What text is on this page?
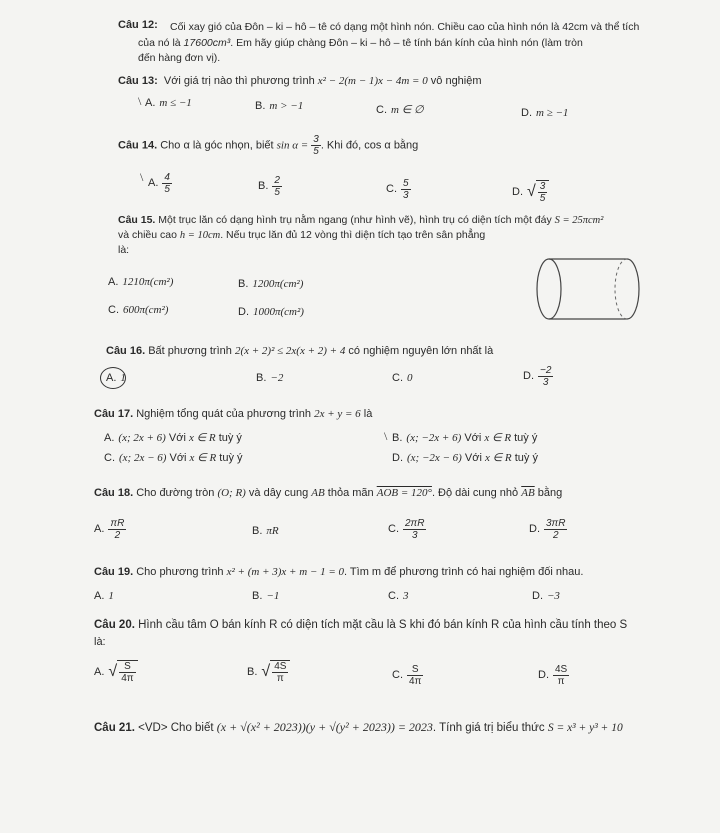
Câu 12: Cối xay gió của Đôn – ki – hô – tê có dạng một hình nón. Chiều cao của hình nón là 42cm và thể tích
của nó là 17600cm³. Em hãy giúp chàng Đôn – ki – hô – tê tính bán kính của hình nón (làm tròn
đến hàng đơn vị).
Câu 13: Với giá trị nào thì phương trình x² − 2(m − 1)x − 4m = 0 vô nghiệm
\ A. m ≤ −1	B. m > −1	C. m ∈ ∅	D. m ≥ −1
Câu 14. Cho α là góc nhọn, biết $\sin \alpha = \frac{3}{5}$ . Khi đó, cos α bằng
\ A. $\frac{4}{5}$	B. $\frac{2}{5}$	C. $\frac{5}{3}$	D. √ $\frac{3}{5}$
Câu 15. Một trục lăn có dạng hình trụ nằm ngang (như hình vẽ), hình trụ có diện tích một đáy S = 25πcm²
và chiều cao h = 10cm. Nếu trục lăn đủ 12 vòng thì diện tích tạo trên sân phẳng
là:
A. 1210π(cm²)	B. 1200π(cm²)
C. 600π(cm²)	D. 1000π(cm²)
Câu 16. Bất phương trình 2(x + 2)² ≤ 2x(x + 2) + 4 có nghiệm nguyên lớn nhất là
A. 1	B. −2	C. 0	D. $\frac{-2}{3}$
Câu 17. Nghiệm tổng quát của phương trình 2x + y = 6 là
A. (x; 2x + 6) Với x ∈ R tuỳ ý	\ B. (x; −2x + 6) Với x ∈ R tuỳ ý
C. (x; 2x − 6) Với x ∈ R tuỳ ý	D. (x; −2x − 6) Với x ∈ R tuỳ ý
Câu 18. Cho đường tròn (O; R) và dây cung AB thỏa mãn AOB = 120°. Độ dài cung nhỏ $\overline{AB}$ bằng
A. $\frac{\pi R}{2}$	B. πR	C. $\frac{2\pi R}{3}$	D. $\frac{3\pi R}{2}$
Câu 19. Cho phương trình x² + (m + 3)x + m − 1 = 0. Tìm m để phương trình có hai nghiệm đối nhau.
A. 1	B. −1	C. 3	D. −3
Câu 20. Hình cầu tâm O bán kính R có diện tích mặt cầu là S khi đó bán kính R của hình cầu tính theo S
là:
A. √ $\frac{S}{4\pi}$	B. √ $\frac{4S}{\pi}$	C. $\frac{S}{4\pi}$	D. $\frac{4S}{\pi}$
Câu 21. <VD> Cho biết (x + √(x² + 2023))(y + √(y² + 2023)) = 2023. Tính giá trị biểu thức S = x³ + y³ + 10
